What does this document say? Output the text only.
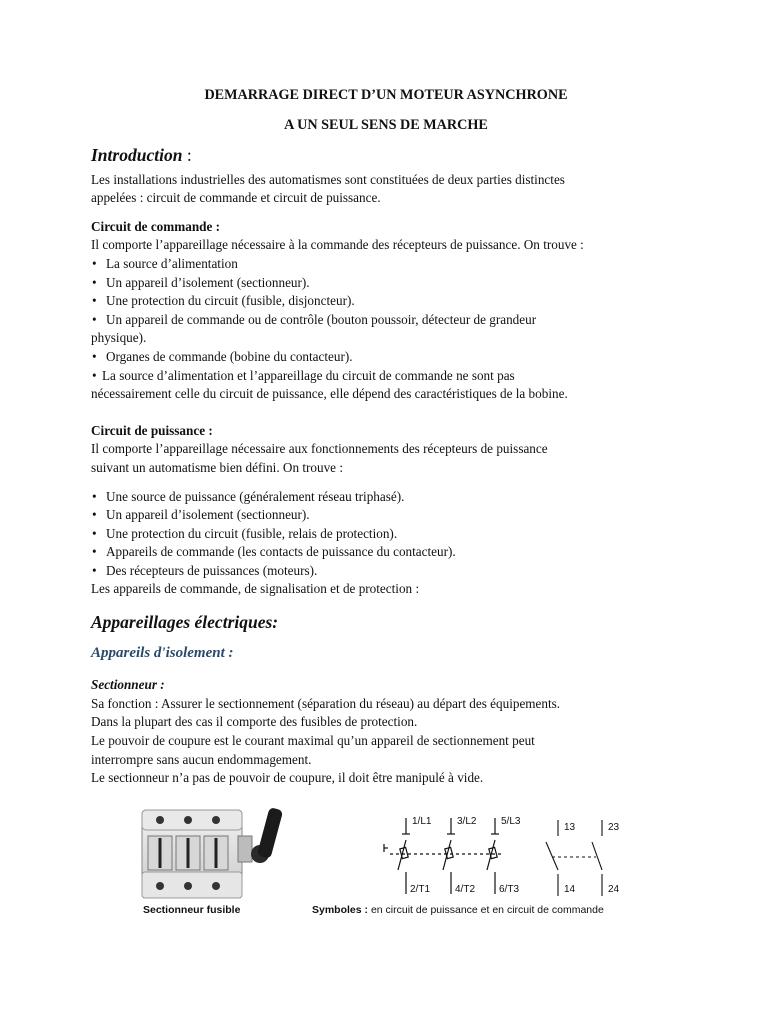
DEMARRAGE DIRECT D’UN MOTEUR ASYNCHRONE
A UN SEUL SENS DE MARCHE
Introduction :

Les installations industrielles des automatismes sont constituées de deux parties distinctes

appelées : circuit de commande et circuit de puissance.

Circuit de commande :

Il comporte l’appareillage nécessaire à la commande des récepteurs de puissance. On trouve :

• La source d’alimentation
• Un appareil d’isolement (sectionneur).
• Une protection du circuit (fusible, disjoncteur).
• Un appareil de commande ou de contrôle (bouton poussoir, détecteur de grandeur

physique).

• Organes de commande (bobine du contacteur).
• La source d’alimentation et l’appareillage du circuit de commande ne sont pas

nécessairement celle du circuit de puissance, elle dépend des caractéristiques de la bobine.

Circuit de puissance :

Il comporte l’appareillage nécessaire aux fonctionnements des récepteurs de puissance

suivant un automatisme bien défini. On trouve :

• Une source de puissance (généralement réseau triphasé).
• Un appareil d’isolement (sectionneur).
• Une protection du circuit (fusible, relais de protection).
• Appareils de commande (les contacts de puissance du contacteur).
• Des récepteurs de puissances (moteurs).

Les appareils de commande, de signalisation et de protection :

Appareillages électriques:
Appareils d'isolement :
Sectionneur :

Sa fonction : Assurer le sectionnement (séparation du réseau) au départ des équipements.

Dans la plupart des cas il comporte des fusibles de protection.

Le pouvoir de coupure est le courant maximal qu’un appareil de sectionnement peut

interrompre sans aucun endommagement.

Le sectionneur n’a pas de pouvoir de coupure, il doit être manipulé à vide.

Sectionneur fusible
1/L1	3/L2 5/L3
2/T1 4/T2 6/T3
13	23
14	24
Symboles : en circuit de puissance et en circuit de commande
